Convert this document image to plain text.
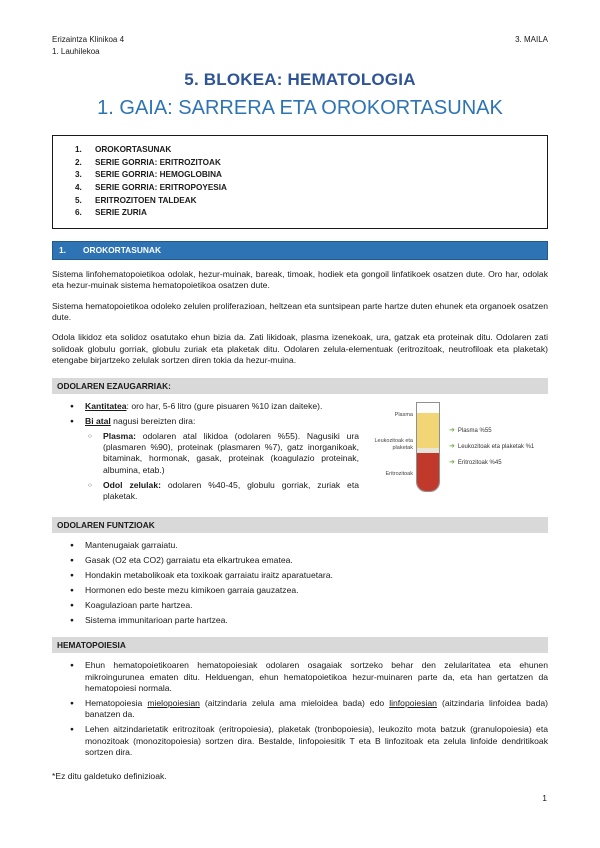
Erizaintza Klinikoa 4
1. Lauhilekoa
3. MAILA
5. BLOKEA: HEMATOLOGIA
1. GAIA: SARRERA ETA OROKORTASUNAK
1.	OROKORTASUNAK
2.	SERIE GORRIA: ERITROZITOAK
3.	SERIE GORRIA: HEMOGLOBINA
4.	SERIE GORRIA: ERITROPOYESIA
5.	ERITROZITOEN TALDEAK
6.	SERIE ZURIA
1.	OROKORTASUNAK

Sistema linfohematopoietikoa odolak, hezur-muinak, bareak, timoak, hodiek eta gongoil linfatikoek osatzen dute. Oro har, odolak eta hezur-muinak sistema hematopoietikoa osatzen dute.

Sistema hematopoietikoa odoleko zelulen proliferazioan, heltzean eta suntsipean parte hartze duten ehunek eta organoek osatzen dute.

Odola likidoz eta solidoz osatutako ehun bizia da. Zati likidoak, plasma izenekoak, ura, gatzak eta proteinak ditu. Odolaren zati solidoak globulu gorriak, globulu zuriak eta plaketak ditu. Odolaren zelula-elementuak (eritrozitoak, neutrofiloak eta plaketak) etengabe birjartzeko zelulak sortzen diren tokia da hezur-muina.

ODOLAREN EZAUGARRIAK:
●	Kantitatea: oro har, 5-6 litro (gure pisuaren %10 izan daiteke).
●	Bi atal nagusi bereizten dira:
○	Plasma: odolaren atal likidoa (odolaren %55). Nagusiki ura (plasmaren %90), proteinak (plasmaren %7), gatz inorganikoak, bitaminak, hormonak, gasak, proteinak (koagulazio proteinak, albumina, etab.)
○	Odol zelulak: odolaren %40-45, globulu gorriak, zuriak eta plaketak.
Plasma
Leukozitoak eta plaketak
Eritrozitoak
➔ Plasma %55
➔ Leukozitoak eta plaketak %1
➔ Eritrozitoak %45
ODOLAREN FUNTZIOAK
●	Mantenugaiak garraiatu.
●	Gasak (O2 eta CO2) garraiatu eta elkartrukea ematea.
●	Hondakin metabolikoak eta toxikoak garraiatu iraitz aparatuetara.
●	Hormonen edo beste mezu kimikoen garraia gauzatzea.
●	Koagulazioan parte hartzea.
●	Sistema immunitarioan parte hartzea.
HEMATOPOIESIA
●	Ehun hematopoietikoaren hematopoiesiak odolaren osagaiak sortzeko behar den zelularitatea eta ehunen mikroingurunea ematen ditu. Helduengan, ehun hematopoietikoa hezur-muinaren parte da, eta han gertatzen da hematopoiesi normala.
●	Hematopoiesia mielopoiesian (aitzindaria zelula ama mieloidea bada) edo linfopoiesian (aitzindaria linfoidea bada) banatzen da.
●	Lehen aitzindarietatik eritrozitoak (eritropoiesia), plaketak (tronbopoiesia), leukozito mota batzuk (granulopoiesia) eta monozitoak (monozitopoiesia) sortzen dira. Bestalde, linfopoiesitik T eta B linfozitoak eta zelula linfoide dendritikoak sortzen dira.

*Ez ditu galdetuko definizioak.

1
